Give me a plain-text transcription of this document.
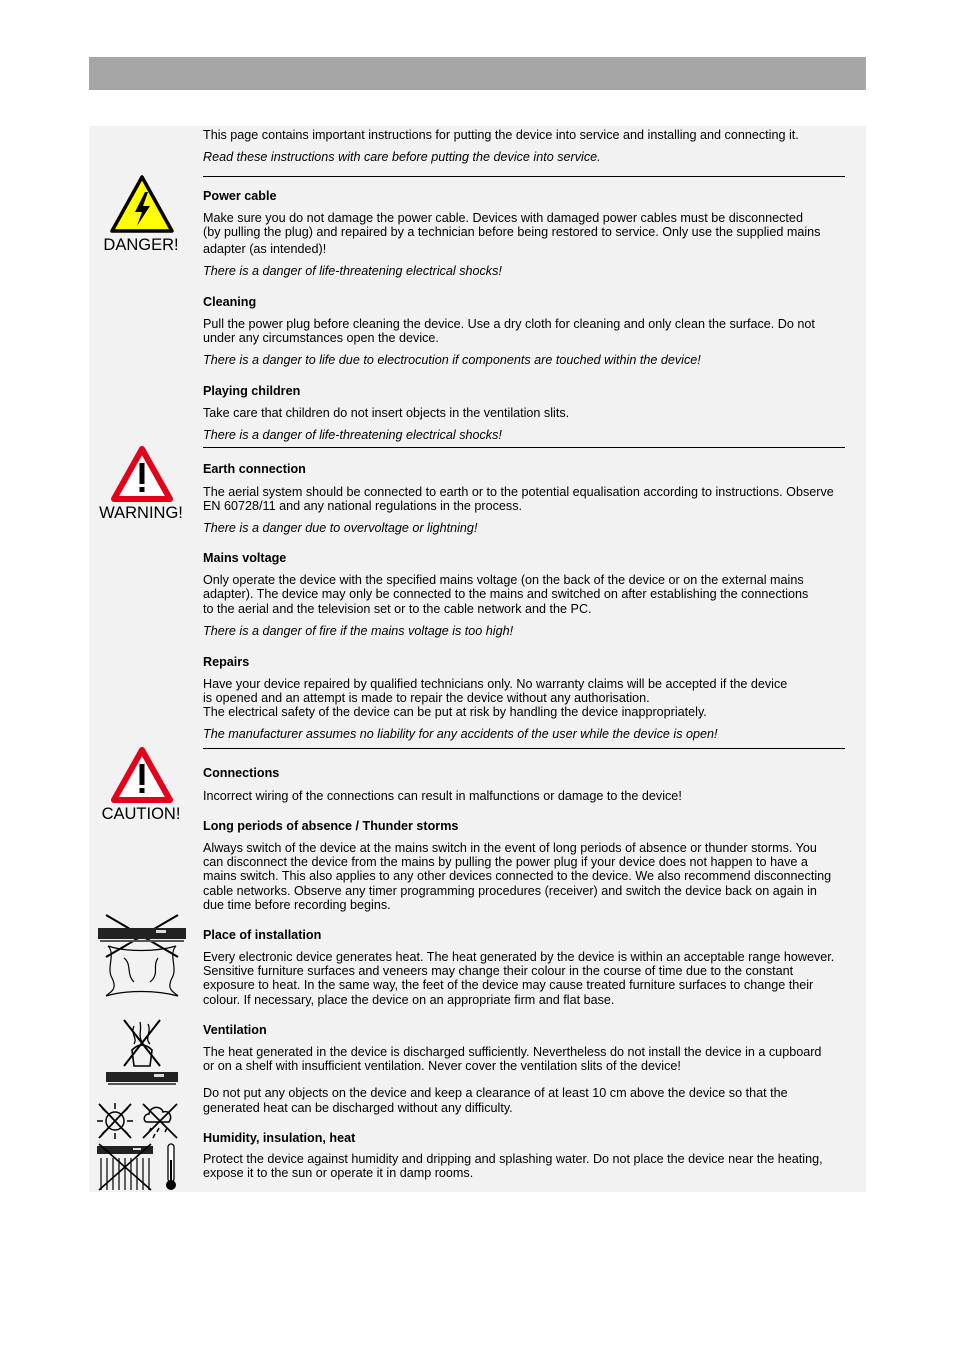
This page contains important instructions for putting the device into service and installing and connecting it.
Read these instructions with care before putting the device into service.
DANGER!
Power cable
Make sure you do not damage the power cable. Devices with damaged power cables must be disconnected
(by pulling the plug) and repaired by a technician before being restored to service. Only use the supplied mains
adapter (as intended)!
There is a danger of life-threatening electrical shocks!
Cleaning
Pull the power plug before cleaning the device. Use a dry cloth for cleaning and only clean the surface. Do not
under any circumstances open the device.
There is a danger to life due to electrocution if components are touched within the device!
Playing children
Take care that children do not insert objects in the ventilation slits.
There is a danger of life-threatening electrical shocks!
WARNING!
Earth connection
The aerial system should be connected to earth or to the potential equalisation according to instructions. Observe
EN 60728/11 and any national regulations in the process.
There is a danger due to overvoltage or lightning!
Mains voltage
Only operate the device with the specified mains voltage (on the back of the device or on the external mains
adapter). The device may only be connected to the mains and switched on after establishing the connections
to the aerial and the television set or to the cable network and the PC.
There is a danger of fire if the mains voltage is too high!
Repairs
Have your device repaired by qualified technicians only. No warranty claims will be accepted if the device
is opened and an attempt is made to repair the device without any authorisation.
The electrical safety of the device can be put at risk by handling the device inappropriately.
The manufacturer assumes no liability for any accidents of the user while the device is open!
CAUTION!
Connections
Incorrect wiring of the connections can result in malfunctions or damage to the device!
Long periods of absence / Thunder storms
Always switch of the device at the mains switch in the event of long periods of absence or thunder storms. You
can disconnect the device from the mains by pulling the power plug if your device does not happen to have a
mains switch. This also applies to any other devices connected to the device. We also recommend disconnecting
cable networks. Observe any timer programming procedures (receiver) and switch the device back on again in
due time before recording begins.
Place of installation
Every electronic device generates heat. The heat generated by the device is within an acceptable range however.
Sensitive furniture surfaces and veneers may change their colour in the course of time due to the constant
exposure to heat. In the same way, the feet of the device may cause treated furniture surfaces to change their
colour. If necessary, place the device on an appropriate firm and flat base.
Ventilation
The heat generated in the device is discharged sufficiently. Nevertheless do not install the device in a cupboard
or on a shelf with insufficient ventilation. Never cover the ventilation slits of the device!
Do not put any objects on the device and keep a clearance of at least 10 cm above the device so that the
generated heat can be discharged without any difficulty.
Humidity, insulation, heat
Protect the device against humidity and dripping and splashing water. Do not place the device near the heating,
expose it to the sun or operate it in damp rooms.
